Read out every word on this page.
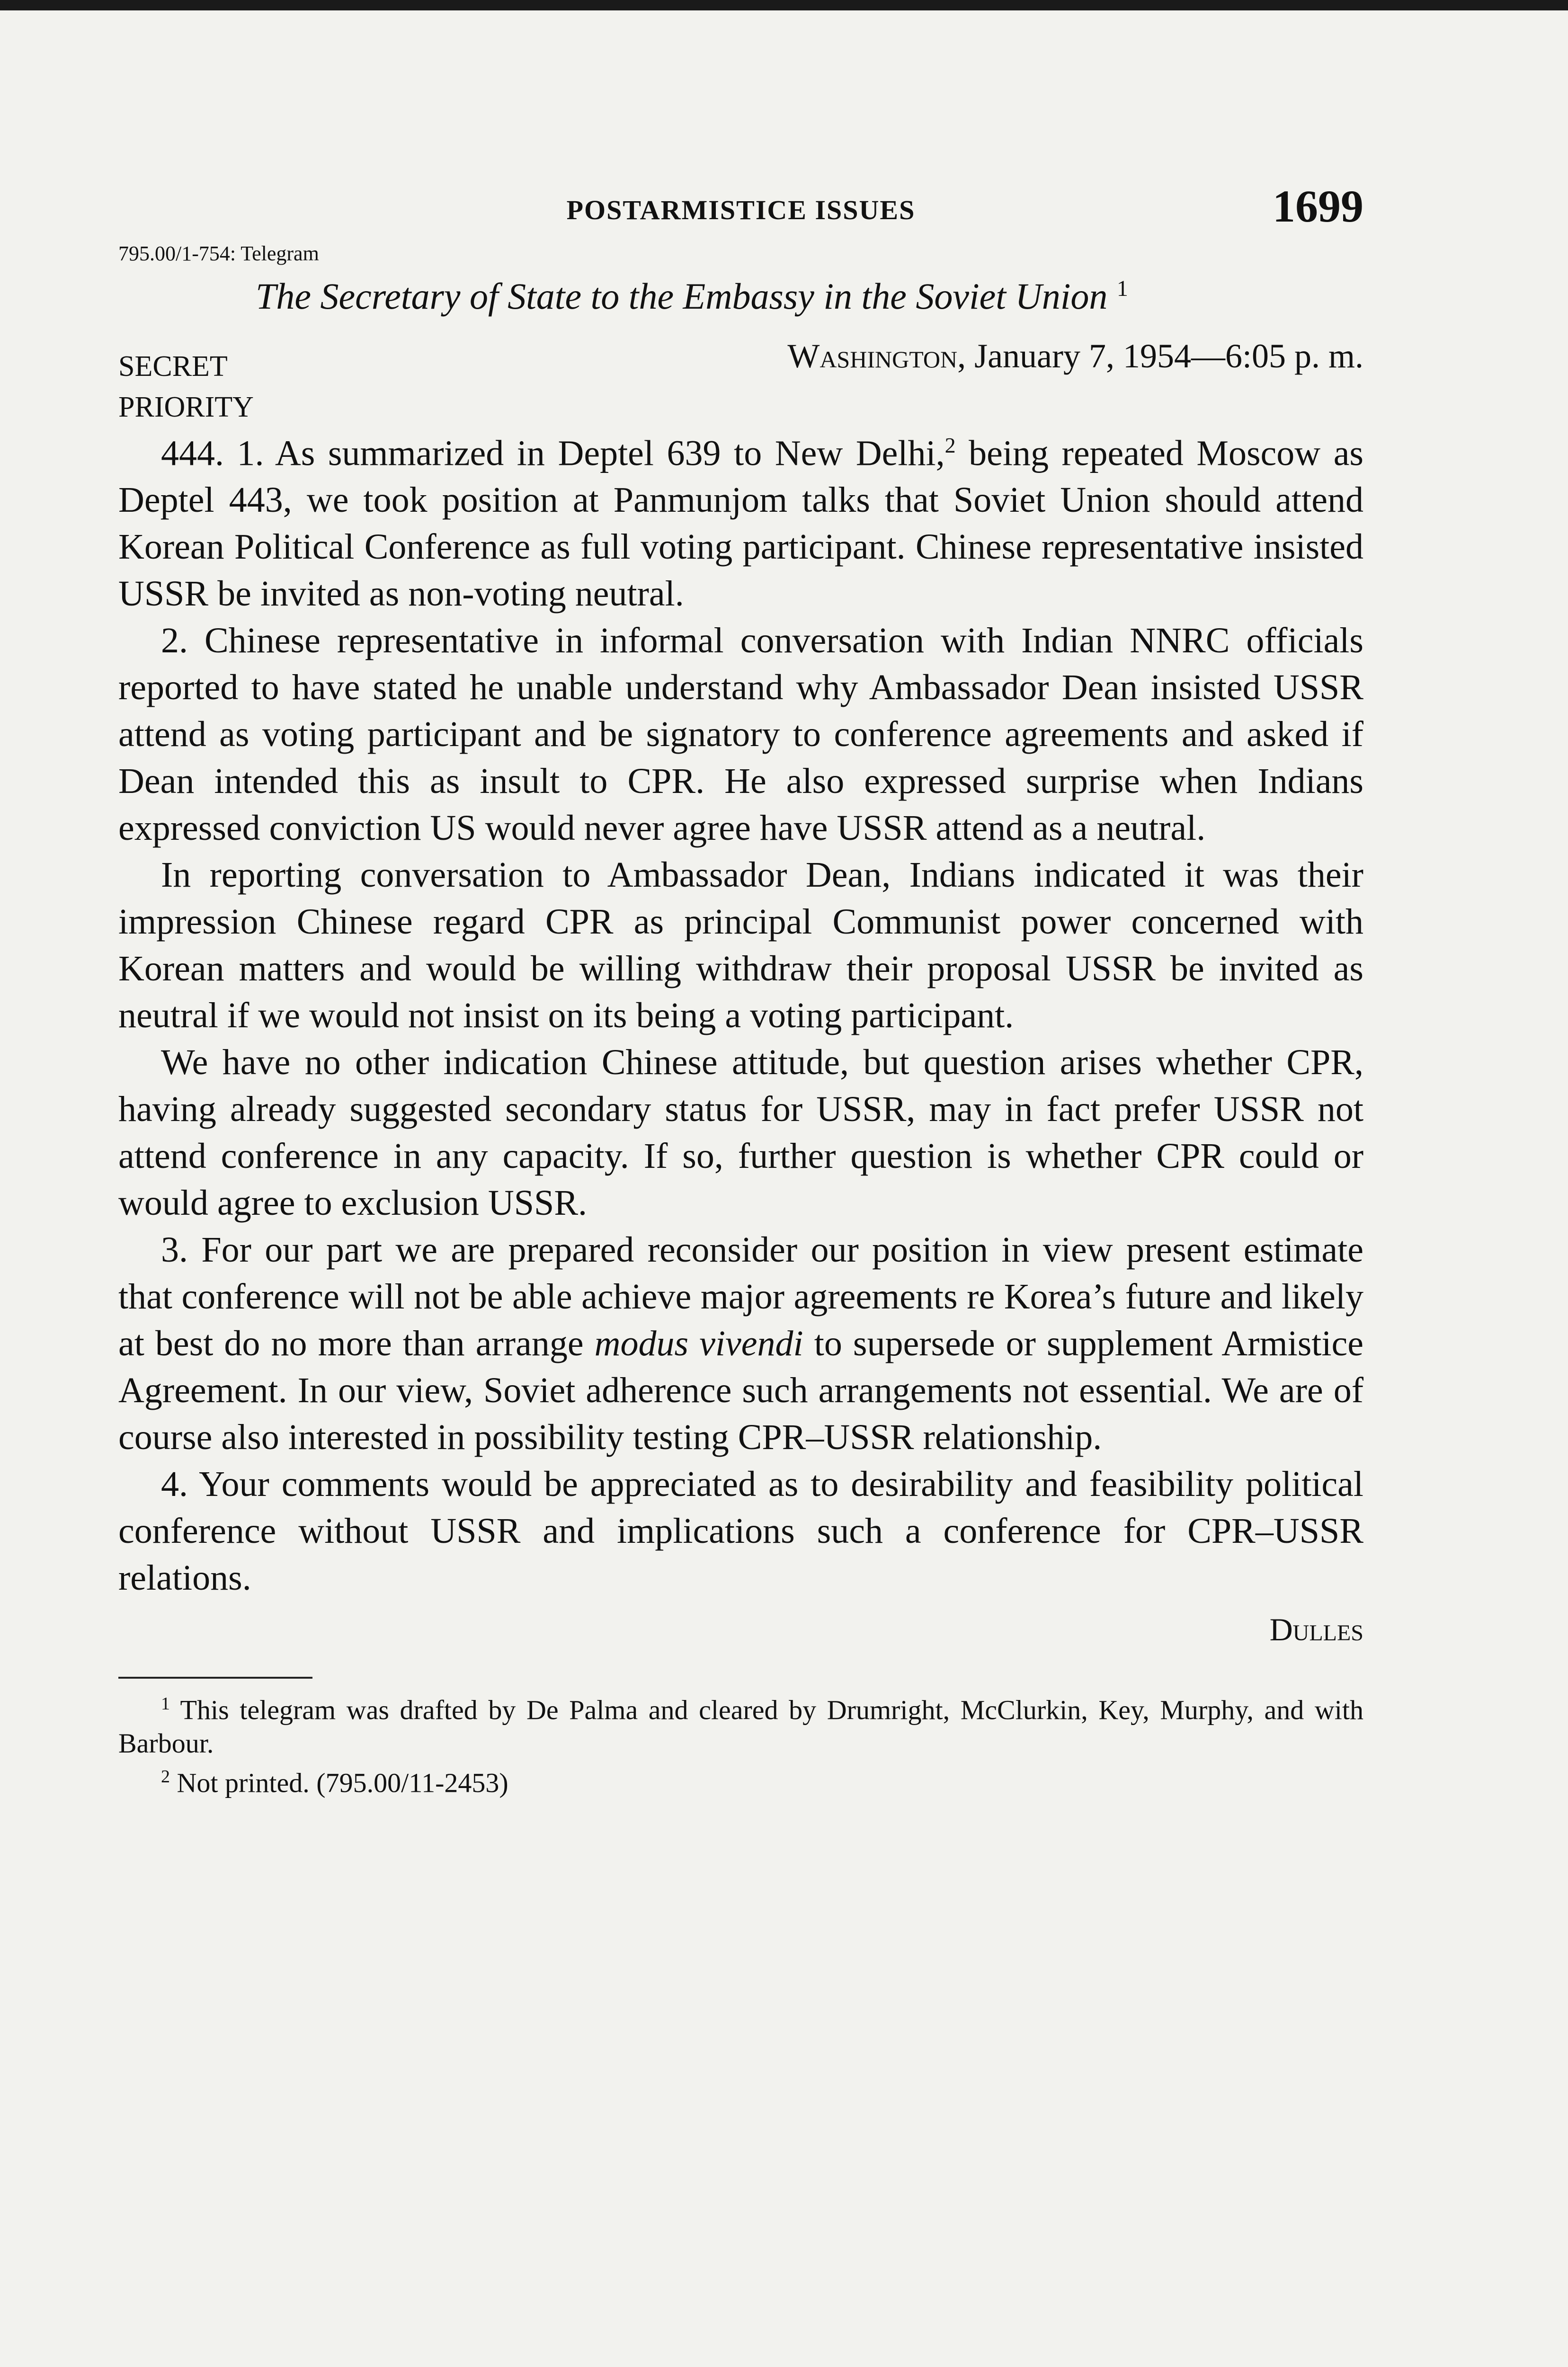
POSTARMISTICE ISSUES	1699
795.00/1-754: Telegram
The Secretary of State to the Embassy in the Soviet Union $^1$
SECRET
PRIORITY
Washington, January 7, 1954—6:05 p. m.

444. 1. As summarized in Deptel 639 to New Delhi,$^2$ being repeated Moscow as Deptel 443, we took position at Panmunjom talks that Soviet Union should attend Korean Political Conference as full voting participant. Chinese representative insisted USSR be invited as non-voting neutral.

2. Chinese representative in informal conversation with Indian NNRC officials reported to have stated he unable understand why Ambassador Dean insisted USSR attend as voting participant and be signatory to conference agreements and asked if Dean intended this as insult to CPR. He also expressed surprise when Indians expressed conviction US would never agree have USSR attend as a neutral.

In reporting conversation to Ambassador Dean, Indians indicated it was their impression Chinese regard CPR as principal Communist power concerned with Korean matters and would be willing withdraw their proposal USSR be invited as neutral if we would not insist on its being a voting participant.

We have no other indication Chinese attitude, but question arises whether CPR, having already suggested secondary status for USSR, may in fact prefer USSR not attend conference in any capacity. If so, further question is whether CPR could or would agree to exclusion USSR.

3. For our part we are prepared reconsider our position in view present estimate that conference will not be able achieve major agreements re Korea’s future and likely at best do no more than arrange modus vivendi to supersede or supplement Armistice Agreement. In our view, Soviet adherence such arrangements not essential. We are of course also interested in possibility testing CPR–USSR relationship.

4. Your comments would be appreciated as to desirability and feasibility political conference without USSR and implications such a conference for CPR–USSR relations.

Dulles

$^1$ This telegram was drafted by De Palma and cleared by Drumright, McClurkin, Key, Murphy, and with Barbour.

$^2$ Not printed. (795.00/11-2453)
